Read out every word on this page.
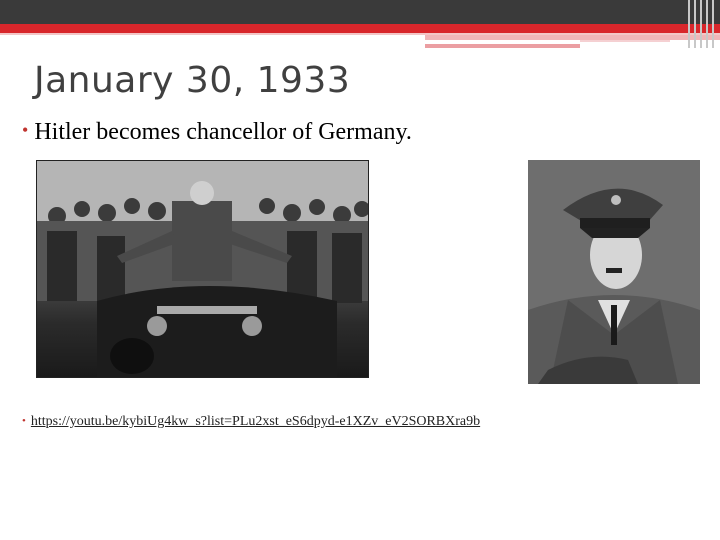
January 30, 1933
• Hitler becomes chancellor of Germany.
• https://youtu.be/kybiUg4kw_s?list=PLu2xst_eS6dpyd-e1XZv_eV2SORBXra9b
